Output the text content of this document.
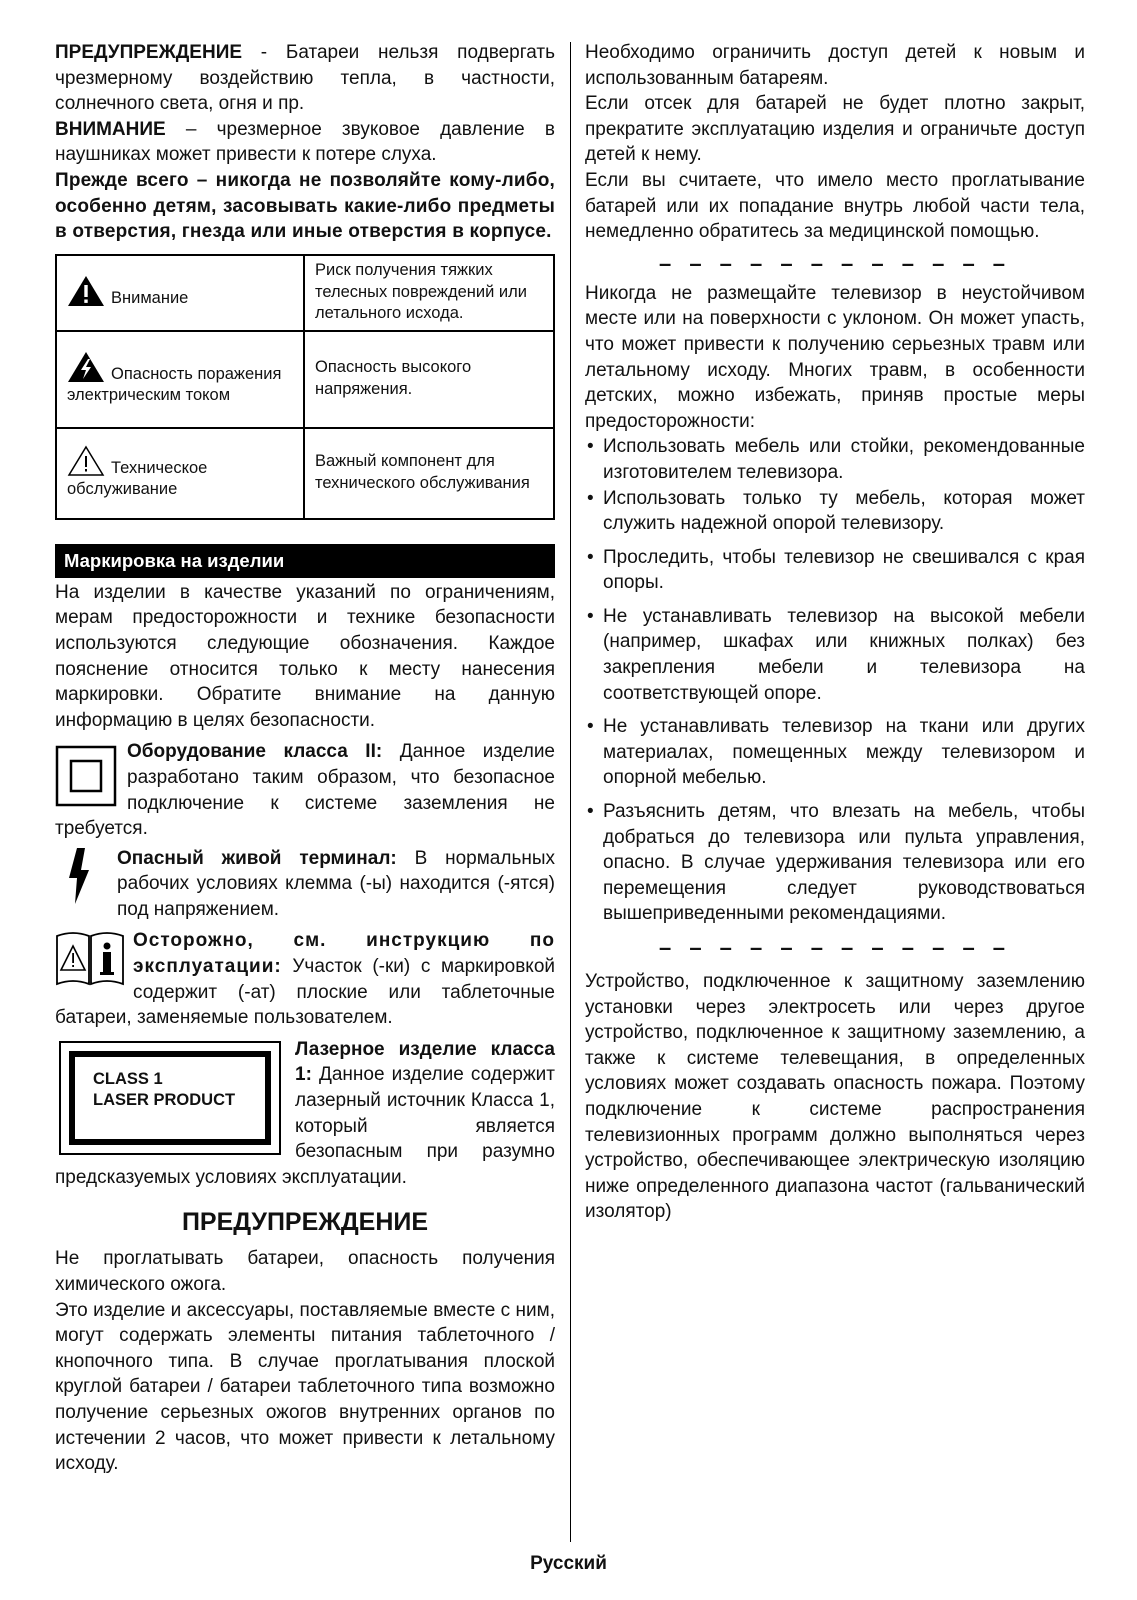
ПРЕДУПРЕЖДЕНИЕ - Батареи нельзя подвергать чрезмерному воздействию тепла, в частности, солнечного света, огня и пр.

ВНИМАНИЕ – чрезмерное звуковое давление в наушниках может привести к потере слуха.

Прежде всего – никогда не позволяйте кому-либо, особенно детям, засовывать какие-либо предметы в отверстия, гнезда или иные отверстия в корпусе.

Внимание	Риск получения тяжких телесных повреждений или летального исхода.
Опасность поражения электрическим током	Опасность высокого напряжения.
Техническое обслуживание	Важный компонент для технического обслуживания
Маркировка на изделии

На изделии в качестве указаний по ограничениям, мерам предосторожности и технике безопасности используются следующие обозначения. Каждое пояснение относится только к месту нанесения маркировки. Обратите внимание на данную информацию в целях безопасности.

Оборудование класса II: Данное изделие разработано таким образом, что безопасное подключение к системе заземления не требуется.

Опасный живой терминал: В нормальных рабочих условиях клемма (-ы) находится (-ятся) под напряжением.

Осторожно, см. инструкцию по эксплуатации: Участок (-ки) с маркировкой содержит (-ат) плоские или таблеточные батареи, заменяемые пользователем.

CLASS 1
LASER PRODUCT

Лазерное изделие класса 1: Данное изделие содержит лазерный источник Класса 1, который является безопасным при разумно предсказуемых условиях эксплуатации.

ПРЕДУПРЕЖДЕНИЕ

Не проглатывать батареи, опасность получения химического ожога.

Это изделие и аксессуары, поставляемые вместе с ним, могут содержать элементы питания таблеточного / кнопочного типа. В случае проглатывания плоской круглой батареи / батареи таблеточного типа возможно получение серьезных ожогов внутренних органов по истечении 2 часов, что может привести к летальному исходу.

Необходимо ограничить доступ детей к новым и использованным батареям.

Если отсек для батарей не будет плотно закрыт, прекратите эксплуатацию изделия и ограничьте доступ детей к нему.

Если вы считаете, что имело место проглатывание батарей или их попадание внутрь любой части тела, немедленно обратитесь за медицинской помощью.

– – – – – – – – – – – –

Никогда не размещайте телевизор в неустойчивом месте или на поверхности с уклоном. Он может упасть, что может привести к получению серьезных травм или летальному исходу. Многих травм, в особенности детских, можно избежать, приняв простые меры предосторожности:

• Использовать мебель или стойки, рекомендованные изготовителем телевизора.
• Использовать только ту мебель, которая может служить надежной опорой телевизору.
• Проследить, чтобы телевизор не свешивался с края опоры.
• Не устанавливать телевизор на высокой мебели (например, шкафах или книжных полках) без закрепления мебели и телевизора на соответствующей опоре.
• Не устанавливать телевизор на ткани или других материалах, помещенных между телевизором и опорной мебелью.
• Разъяснить детям, что влезать на мебель, чтобы добраться до телевизора или пульта управления, опасно. В случае удерживания телевизора или его перемещения следует руководствоваться вышеприведенными рекомендациями.

– – – – – – – – – – – –

Устройство, подключенное к защитному заземлению установки через электросеть или через другое устройство, подключенное к защитному заземлению, а также к системе телевещания, в определенных условиях может создавать опасность пожара. Поэтому подключение к системе распространения телевизионных программ должно выполняться через устройство, обеспечивающее электрическую изоляцию ниже определенного диапазона частот (гальванический изолятор)

Русский
